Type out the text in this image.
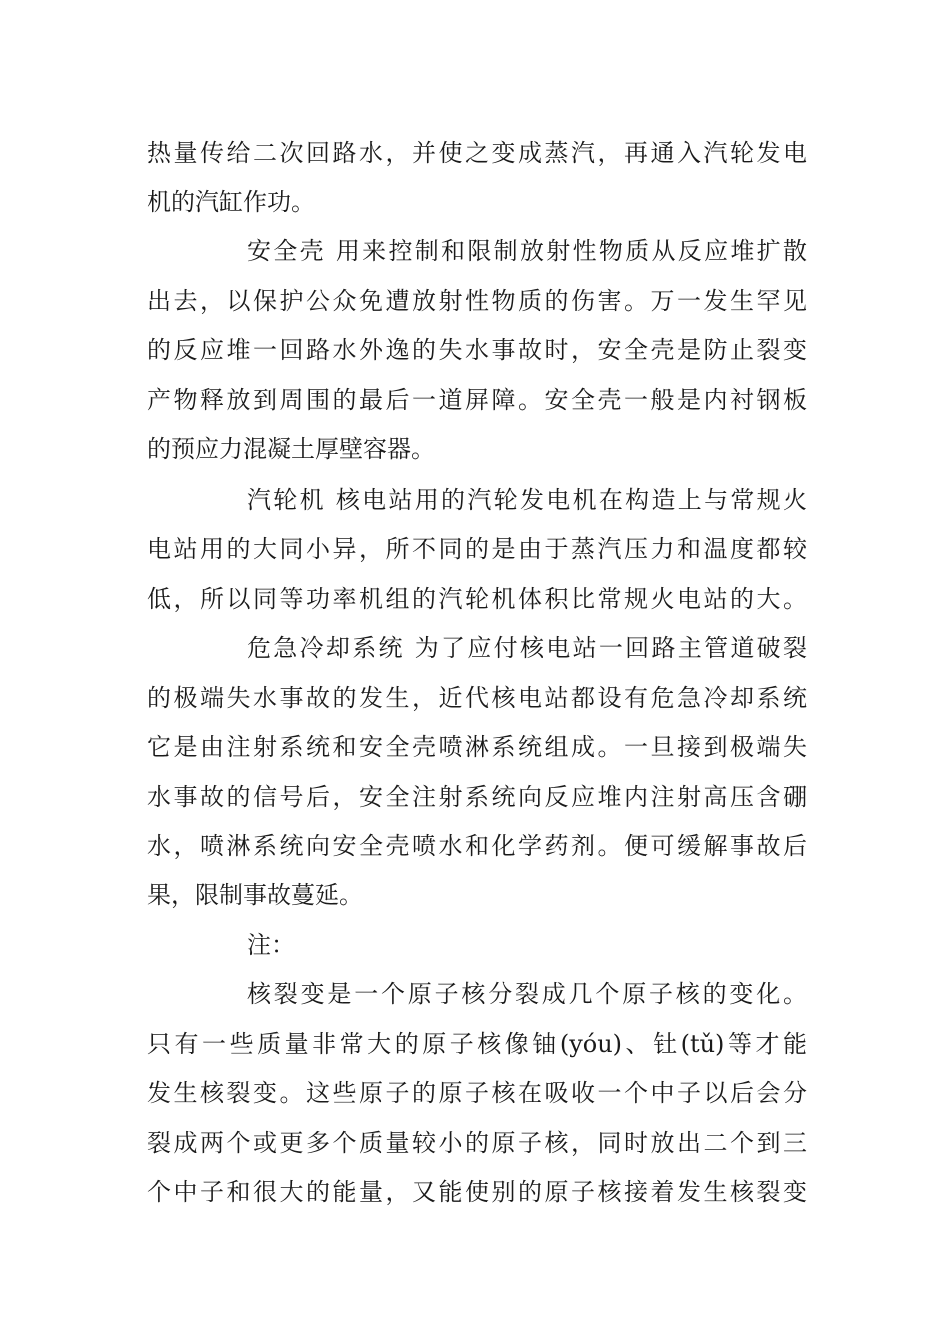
热量传给二次回路水，并使之变成蒸汽，再通入汽轮发电
机的汽缸作功。
安全壳 用来控制和限制放射性物质从反应堆扩散
出去，以保护公众免遭放射性物质的伤害。万一发生罕见
的反应堆一回路水外逸的失水事故时，安全壳是防止裂变
产物释放到周围的最后一道屏障。安全壳一般是内衬钢板
的预应力混凝土厚壁容器。
汽轮机 核电站用的汽轮发电机在构造上与常规火
电站用的大同小异，所不同的是由于蒸汽压力和温度都较
低，所以同等功率机组的汽轮机体积比常规火电站的大。
危急冷却系统 为了应付核电站一回路主管道破裂
的极端失水事故的发生，近代核电站都设有危急冷却系统
它是由注射系统和安全壳喷淋系统组成。一旦接到极端失
水事故的信号后，安全注射系统向反应堆内注射高压含硼
水，喷淋系统向安全壳喷水和化学药剂。便可缓解事故后
果，限制事故蔓延。
注：
核裂变是一个原子核分裂成几个原子核的变化。
只有一些质量非常大的原子核像铀(yóu)、钍(tǔ)等才能
发生核裂变。这些原子的原子核在吸收一个中子以后会分
裂成两个或更多个质量较小的原子核，同时放出二个到三
个中子和很大的能量，又能使别的原子核接着发生核裂变
